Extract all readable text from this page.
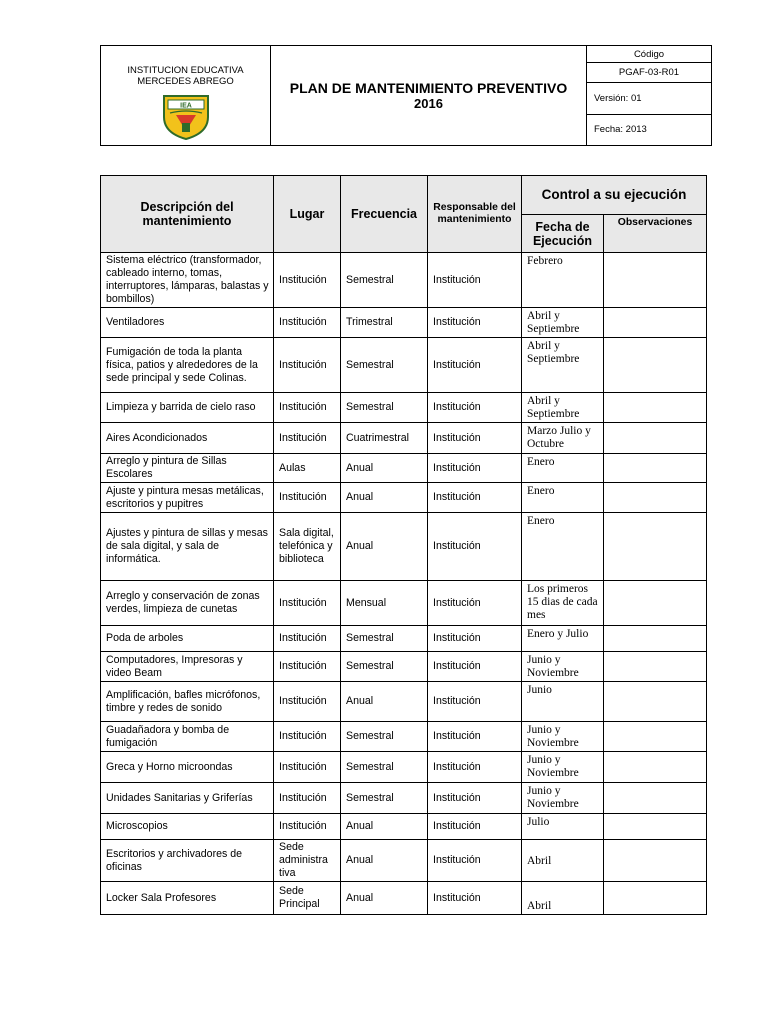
INSTITUCION EDUCATIVA
MERCEDES ABREGO
IEA
	PLAN DE MANTENIMIENTO PREVENTIVO
2016
	Código
PGAF-03-R01
Versión: 01
Fecha: 2013
Descripción del mantenimiento	Lugar	Frecuencia	Responsable del mantenimiento	Control a su ejecución	
				Fecha de Ejecución	Observaciones
Sistema eléctrico (transformador, cableado interno, tomas, interruptores, lámparas, balastas y bombillos)	Institución	Semestral	Institución	Febrero	
Ventiladores	Institución	Trimestral	Institución	Abril y Septiembre	
Fumigación de toda la planta física, patios y alrededores de la sede principal y sede Colinas.	Institución	Semestral	Institución	Abril y Septiembre	
Limpieza y barrida de cielo raso	Institución	Semestral	Institución	Abril y Septiembre	
Aires Acondicionados	Institución	Cuatrimestral	Institución	Marzo Julio y Octubre	
Arreglo y pintura de Sillas Escolares	Aulas	Anual	Institución	Enero	
Ajuste y pintura mesas metálicas, escritorios y pupitres	Institución	Anual	Institución	Enero	
Ajustes y pintura de sillas y mesas de sala digital, y sala de informática.	Sala digital, telefónica y biblioteca	Anual	Institución	Enero	
Arreglo y conservación de zonas verdes, limpieza de cunetas	Institución	Mensual	Institución	Los primeros 15 dias de cada mes	
Poda de arboles	Institución	Semestral	Institución	Enero y Julio	
Computadores, Impresoras y video Beam	Institución	Semestral	Institución	Junio y Noviembre	
Amplificación, bafles micrófonos, timbre y redes de sonido	Institución	Anual	Institución	Junio	
Guadañadora y bomba de fumigación	Institución	Semestral	Institución	Junio y Noviembre	
Greca y Horno microondas	Institución	Semestral	Institución	Junio y Noviembre	
Unidades Sanitarias y Griferías	Institución	Semestral	Institución	Junio y Noviembre	
Microscopios	Institución	Anual	Institución	Julio	
Escritorios y archivadores de oficinas	Sede administra tiva	Anual	Institución	Abril	
Locker Sala Profesores	Sede Principal	Anual	Institución	Abril	
